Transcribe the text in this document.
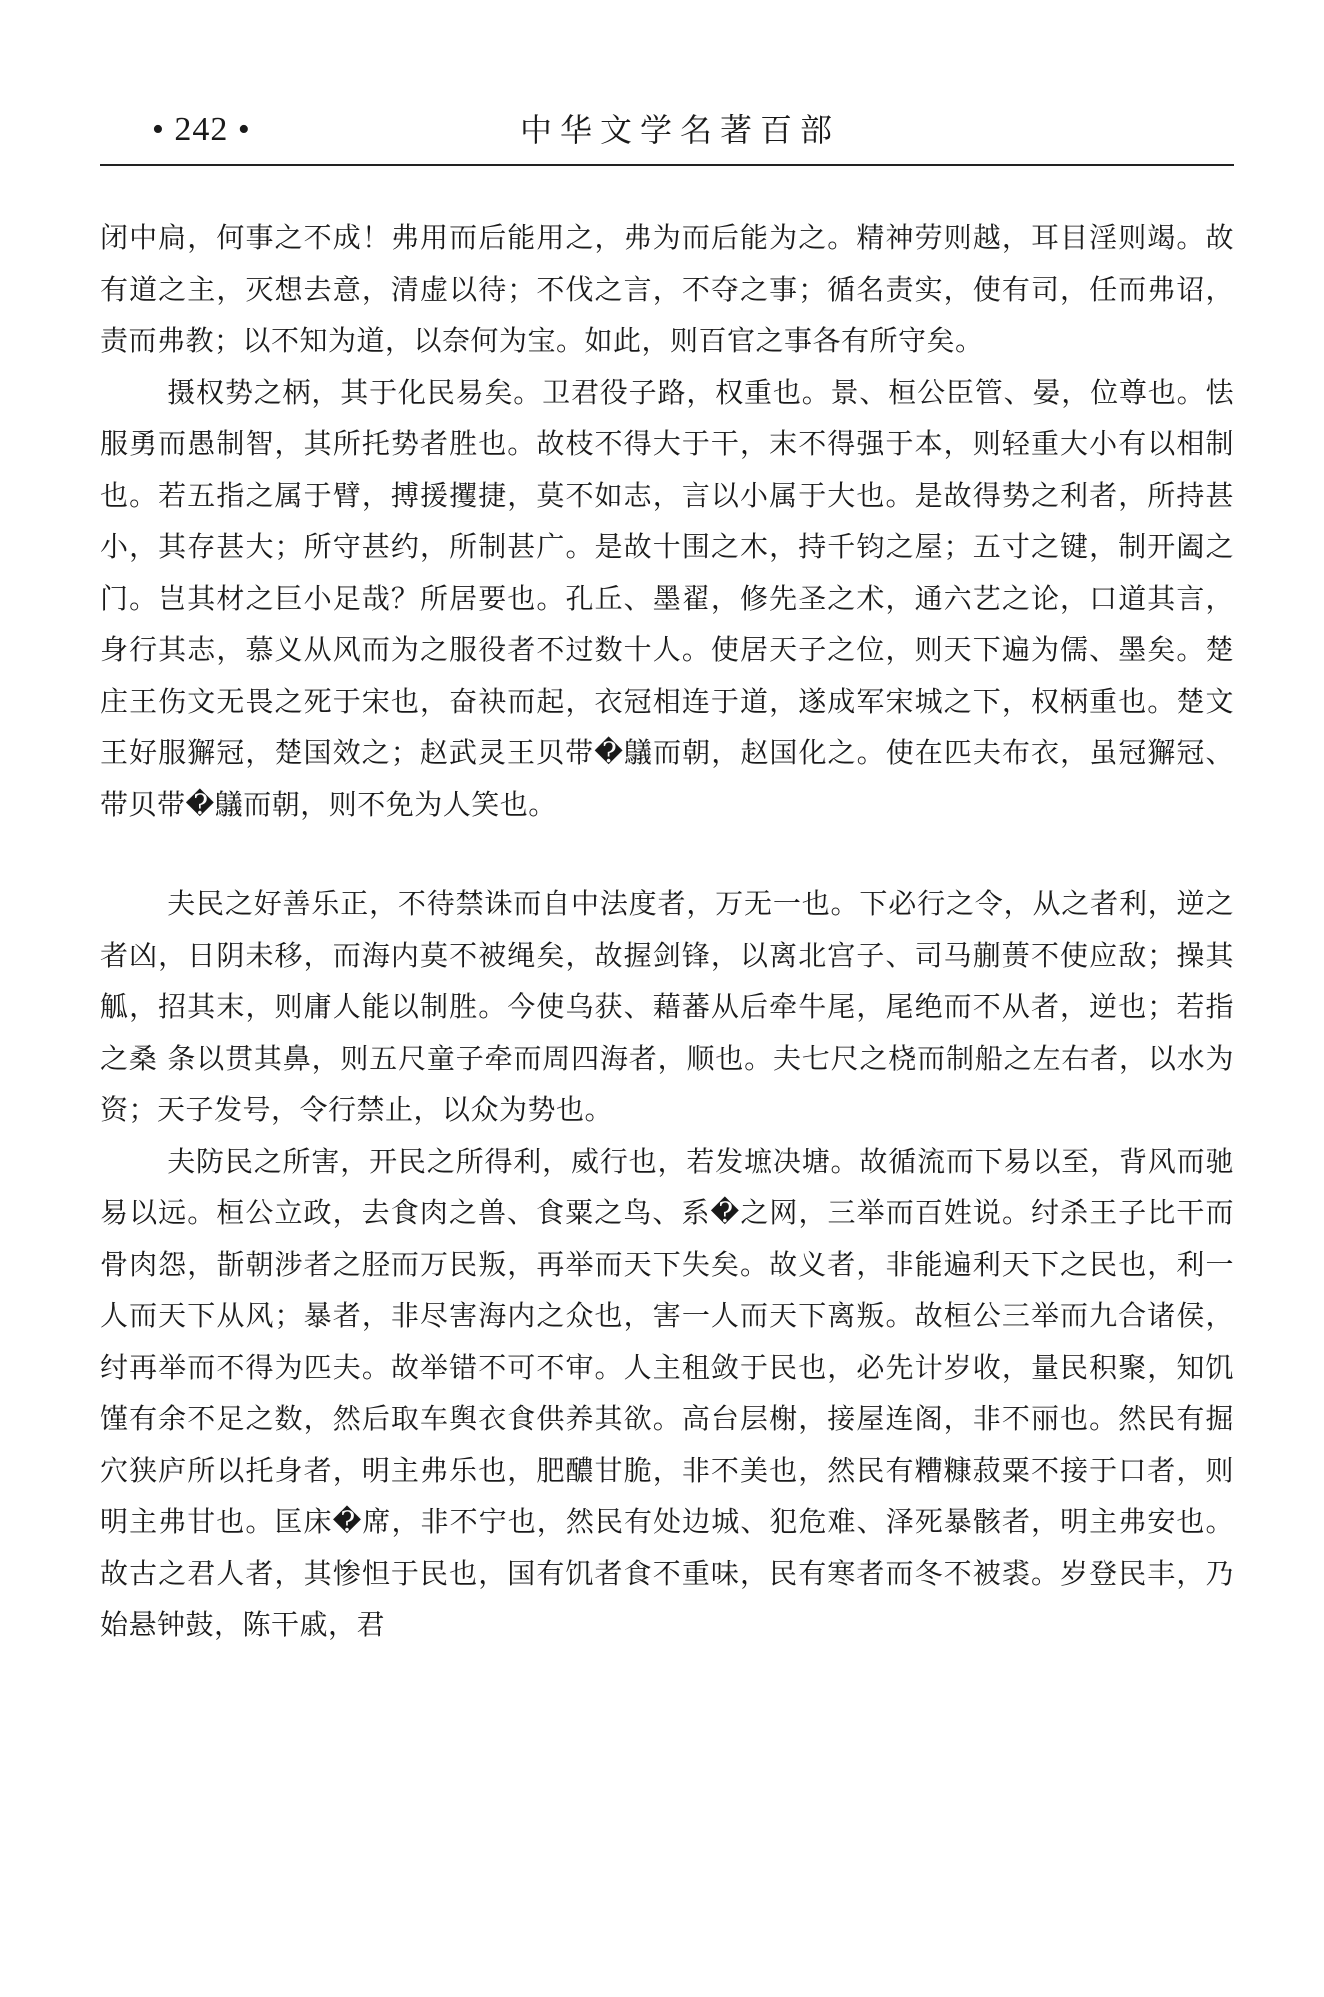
• 242 •	中华文学名著百部

闭中扃，何事之不成！弗用而后能用之，弗为而后能为之。精神劳则越，耳目淫则竭。故有道之主，灭想去意，清虚以待；不伐之言，不夺之事；循名责实，使有司，任而弗诏，责而弗教；以不知为道，以奈何为宝。如此，则百官之事各有所守矣。

摄权势之柄，其于化民易矣。卫君役子路，权重也。景、桓公臣管、晏，位尊也。怯服勇而愚制智，其所托势者胜也。故枝不得大于干，末不得强于本，则轻重大小有以相制也。若五指之属于臂，搏援攫捷，莫不如志，言以小属于大也。是故得势之利者，所持甚小，其存甚大；所守甚约，所制甚广。是故十围之木，持千钧之屋；五寸之键，制开阖之门。岂其材之巨小足哉？所居要也。孔丘、墨翟，修先圣之术，通六艺之论，口道其言，身行其志，慕义从风而为之服役者不过数十人。使居天子之位，则天下遍为儒、墨矣。楚庄王伤文无畏之死于宋也，奋袂而起，衣冠相连于道，遂成军宋城之下，权柄重也。楚文王好服獬冠，楚国效之；赵武灵王贝带�鸃而朝，赵国化之。使在匹夫布衣，虽冠獬冠、带贝带�鸃而朝，则不免为人笑也。

夫民之好善乐正，不待禁诛而自中法度者，万无一也。下必行之令，从之者利，逆之者凶，日阴未移，而海内莫不被绳矣，故握剑锋，以离北宫子、司马蒯蒉不使应敌；操其觚，招其末，则庸人能以制胜。今使乌获、藉蕃从后牵牛尾，尾绝而不从者，逆也；若指之桑 条以贯其鼻，则五尺童子牵而周四海者，顺也。夫七尺之桡而制船之左右者，以水为资；天子发号，令行禁止，以众为势也。

夫防民之所害，开民之所得利，威行也，若发墌决塘。故循流而下易以至，背风而驰易以远。桓公立政，去食肉之兽、食粟之鸟、系�之网，三举而百姓说。纣杀王子比干而骨肉怨，斮朝涉者之胫而万民叛，再举而天下失矣。故义者，非能遍利天下之民也，利一人而天下从风；暴者，非尽害海内之众也，害一人而天下离叛。故桓公三举而九合诸侯，纣再举而不得为匹夫。故举错不可不审。人主租敛于民也，必先计岁收，量民积聚，知饥馑有余不足之数，然后取车舆衣食供养其欲。高台层榭，接屋连阁，非不丽也。然民有掘穴狭庐所以托身者，明主弗乐也，肥醲甘脆，非不美也，然民有糟糠菽粟不接于口者，则明主弗甘也。匡床�席，非不宁也，然民有处边城、犯危难、泽死暴骸者，明主弗安也。故古之君人者，其惨怛于民也，国有饥者食不重味，民有寒者而冬不被裘。岁登民丰，乃始悬钟鼓，陈干戚，君
